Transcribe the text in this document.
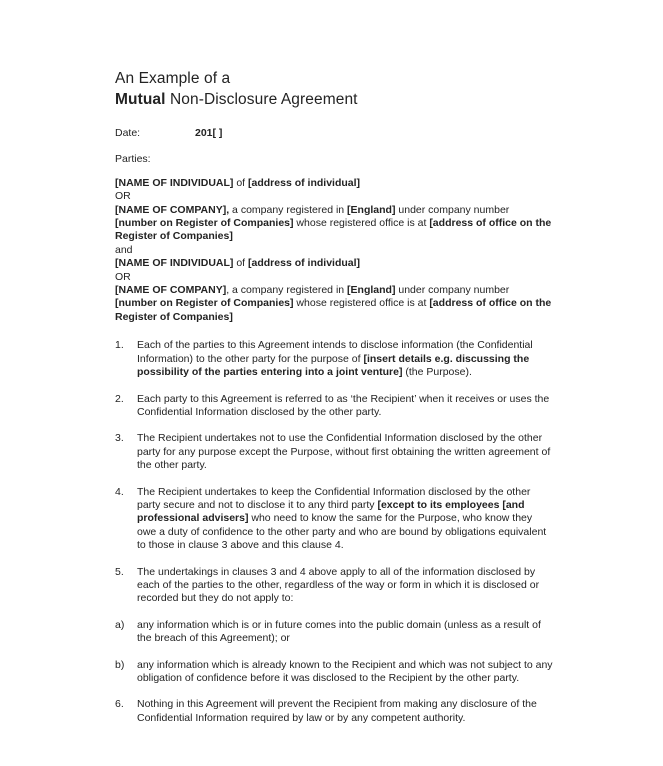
An Example of a
Mutual Non-Disclosure Agreement
Date:	201[ ]
Parties:
[NAME OF INDIVIDUAL] of [address of individual]
OR
[NAME OF COMPANY], a company registered in [England] under company number [number on Register of Companies] whose registered office is at [address of office on the Register of Companies]
and
[NAME OF INDIVIDUAL] of [address of individual]
OR
[NAME OF COMPANY], a company registered in [England] under company number [number on Register of Companies] whose registered office is at [address of office on the Register of Companies]
1.	Each of the parties to this Agreement intends to disclose information (the Confidential Information) to the other party for the purpose of [insert details e.g. discussing the possibility of the parties entering into a joint venture] (the Purpose).
2.	Each party to this Agreement is referred to as ‘the Recipient’ when it receives or uses the Confidential Information disclosed by the other party.
3.	The Recipient undertakes not to use the Confidential Information disclosed by the other party for any purpose except the Purpose, without first obtaining the written agreement of the other party.
4.	The Recipient undertakes to keep the Confidential Information disclosed by the other party secure and not to disclose it to any third party [except to its employees [and professional advisers] who need to know the same for the Purpose, who know they owe a duty of confidence to the other party and who are bound by obligations equivalent to those in clause 3 above and this clause 4.
5.	The undertakings in clauses 3 and 4 above apply to all of the information disclosed by each of the parties to the other, regardless of the way or form in which it is disclosed or recorded but they do not apply to:
a)	any information which is or in future comes into the public domain (unless as a result of the breach of this Agreement); or
b)	any information which is already known to the Recipient and which was not subject to any obligation of confidence before it was disclosed to the Recipient by the other party.
6.	Nothing in this Agreement will prevent the Recipient from making any disclosure of the Confidential Information required by law or by any competent authority.
